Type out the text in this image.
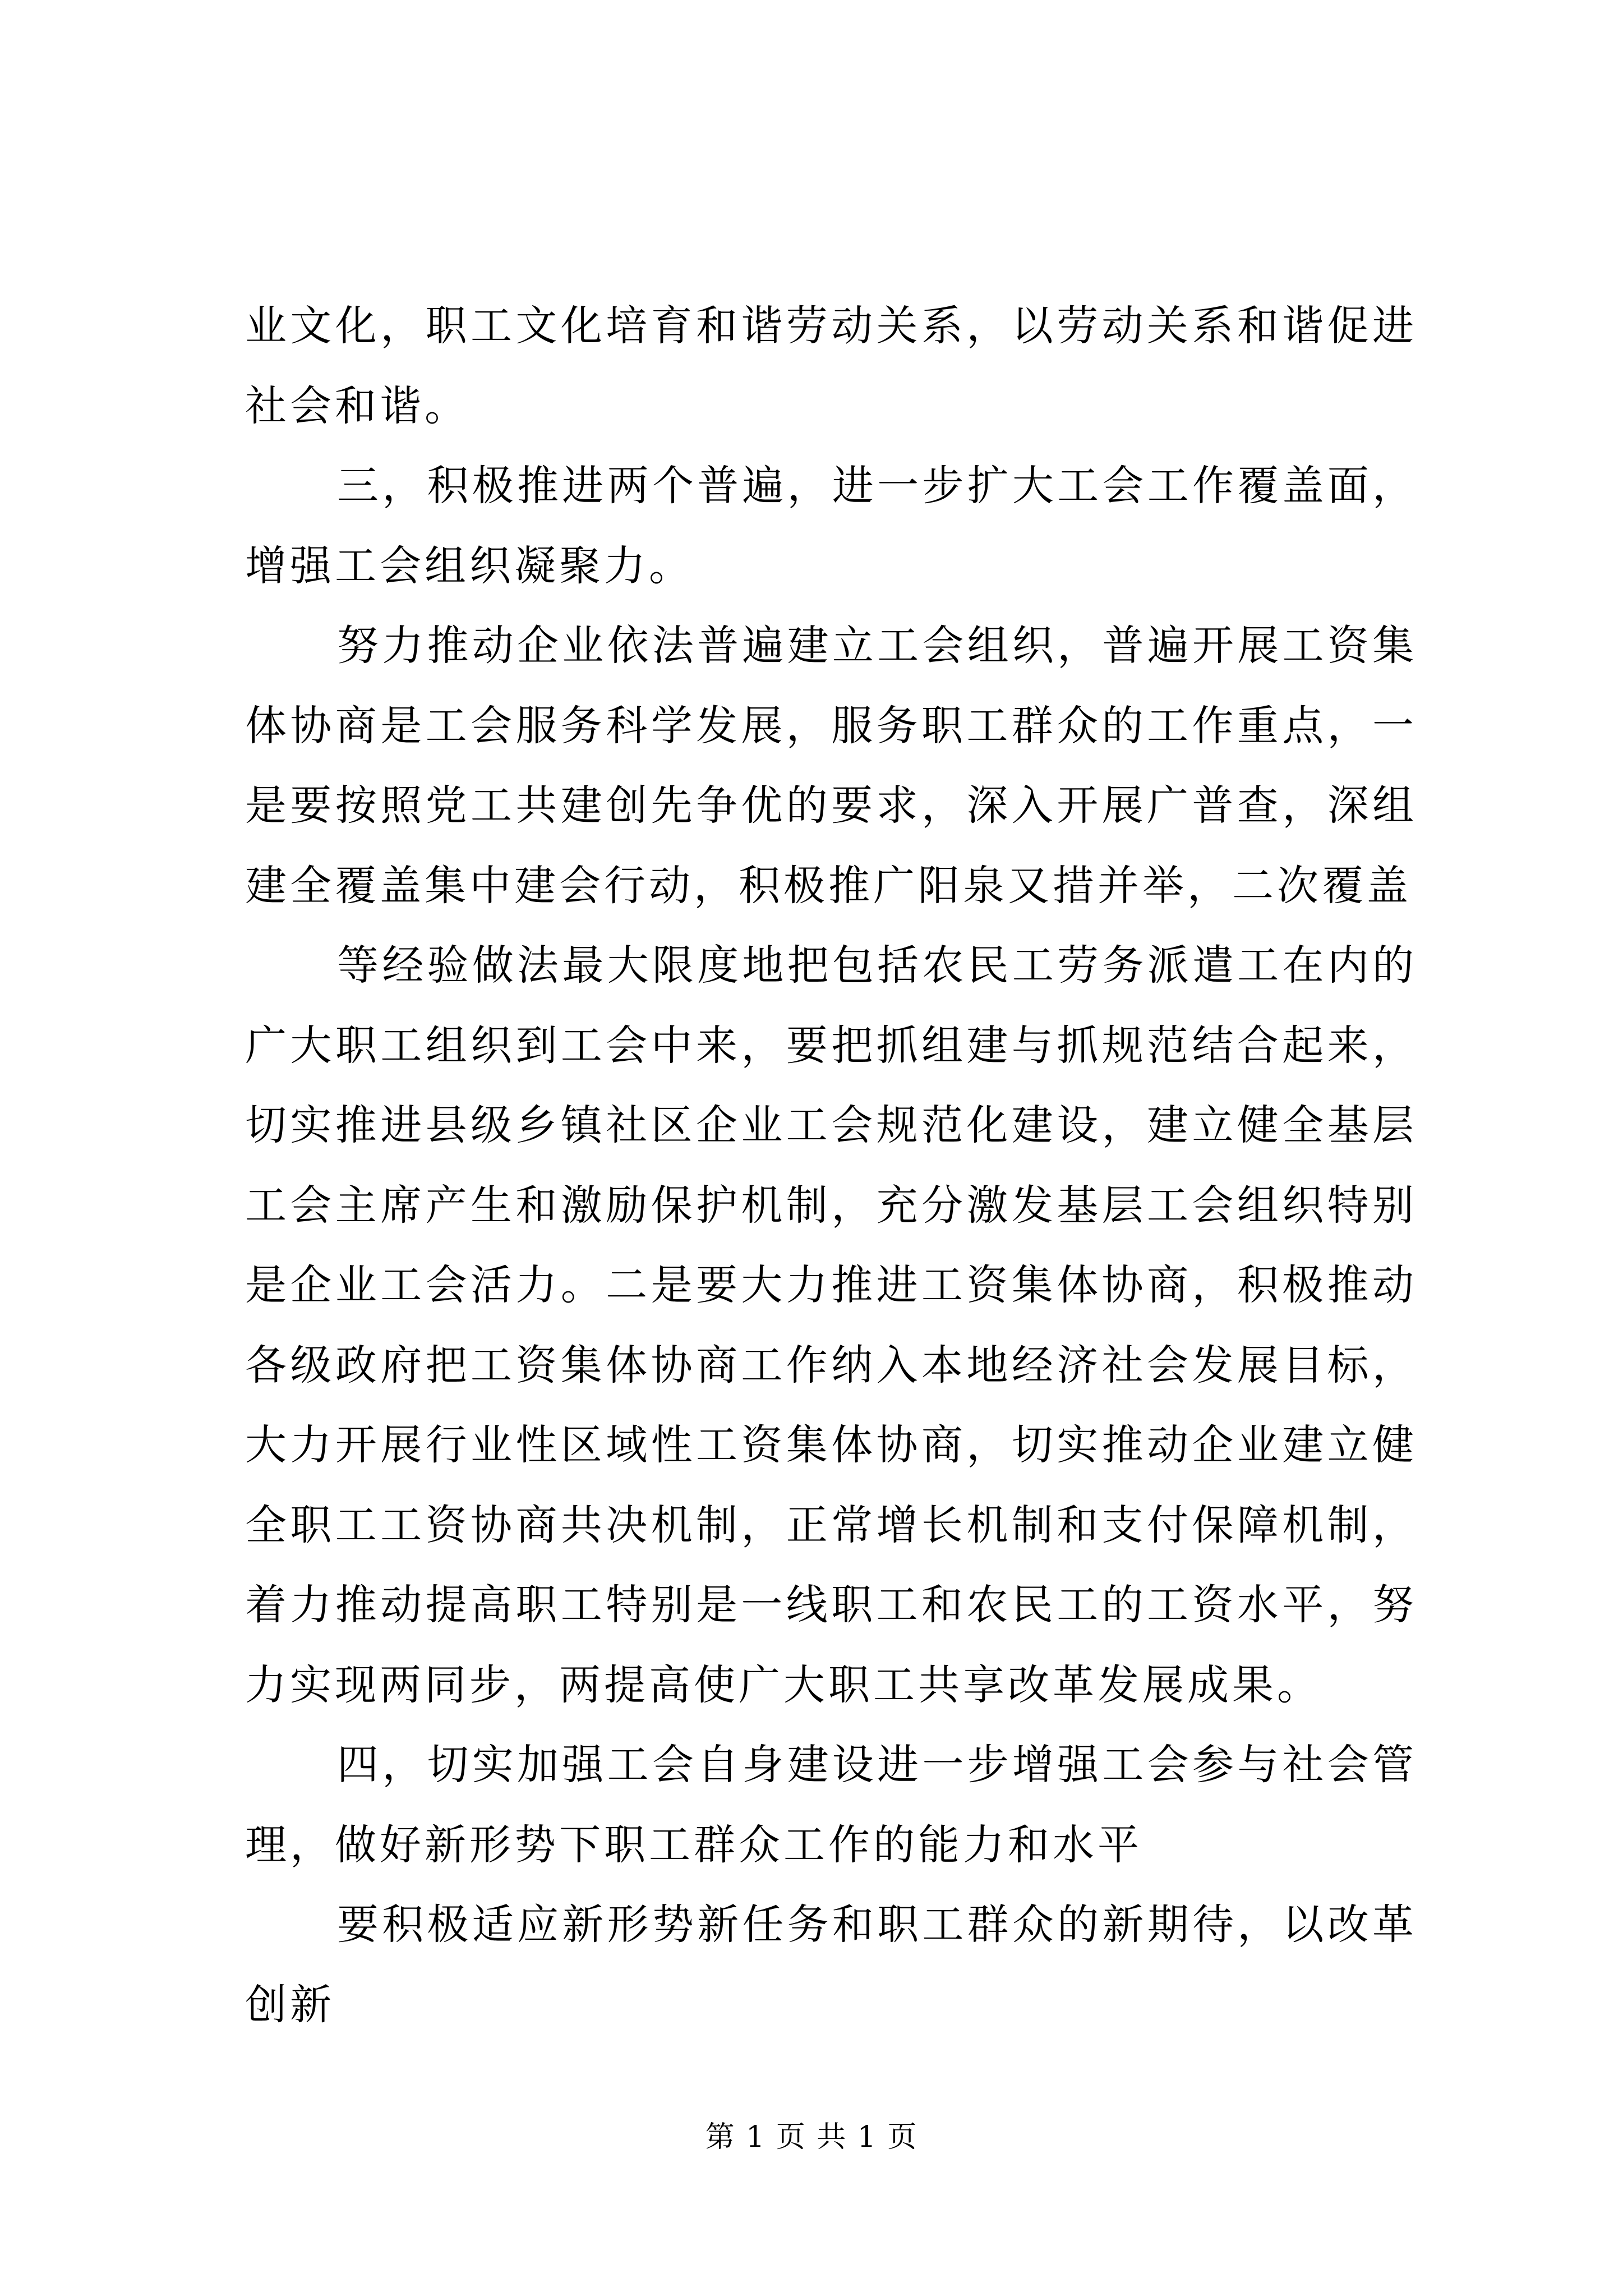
业文化，职工文化培育和谐劳动关系，以劳动关系和谐促进社会和谐。

三，积极推进两个普遍，进一步扩大工会工作覆盖面，增强工会组织凝聚力。

努力推动企业依法普遍建立工会组织，普遍开展工资集体协商是工会服务科学发展，服务职工群众的工作重点，一是要按照党工共建创先争优的要求，深入开展广普查，深组建全覆盖集中建会行动，积极推广阳泉又措并举，二次覆盖

等经验做法最大限度地把包括农民工劳务派遣工在内的广大职工组织到工会中来，要把抓组建与抓规范结合起来，切实推进县级乡镇社区企业工会规范化建设，建立健全基层工会主席产生和激励保护机制，充分激发基层工会组织特别是企业工会活力。二是要大力推进工资集体协商，积极推动各级政府把工资集体协商工作纳入本地经济社会发展目标，大力开展行业性区域性工资集体协商，切实推动企业建立健全职工工资协商共决机制，正常增长机制和支付保障机制，着力推动提高职工特别是一线职工和农民工的工资水平，努力实现两同步，两提高使广大职工共享改革发展成果。

四，切实加强工会自身建设进一步增强工会参与社会管理，做好新形势下职工群众工作的能力和水平

要积极适应新形势新任务和职工群众的新期待，以改革创新

第 1 页 共 1 页
